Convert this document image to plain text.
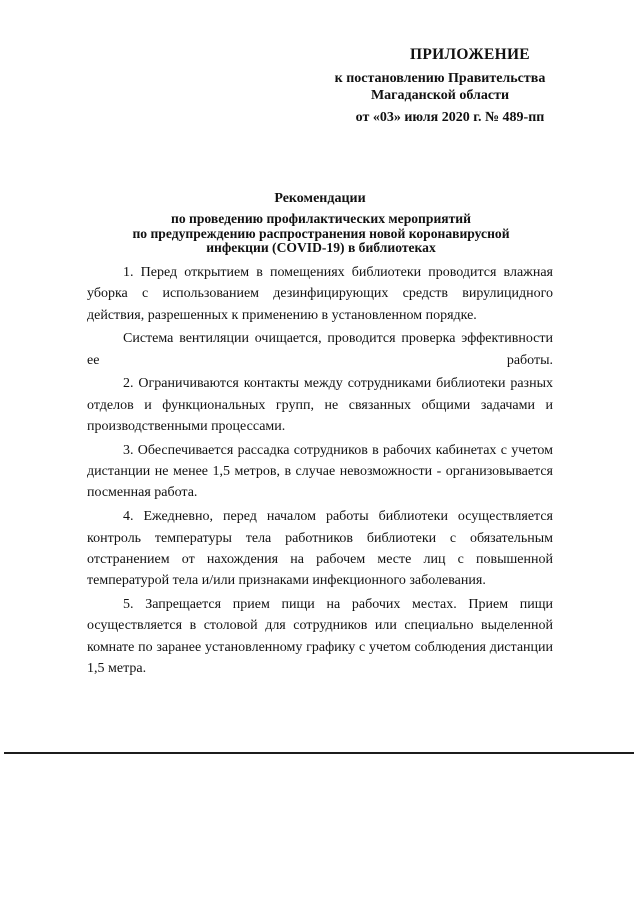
ПРИЛОЖЕНИЕ
к постановлению Правительства
Магаданской области
от «03» июля 2020 г. № 489-пп
Рекомендации
по проведению профилактических мероприятий
по предупреждению распространения новой коронавирусной
инфекции (COVID-19) в библиотеках

1. Перед открытием в помещениях библиотеки проводится влажная уборка с использованием дезинфицирующих средств вирулицидного действия, разрешенных к применению в установленном порядке.

Система вентиляции очищается, проводится проверка эффективности ее работы.

2. Ограничиваются контакты между сотрудниками библиотеки разных отделов и функциональных групп, не связанных общими задачами и производственными процессами.

3. Обеспечивается рассадка сотрудников в рабочих кабинетах с учетом дистанции не менее 1,5 метров, в случае невозможности - организовывается посменная работа.

4. Ежедневно, перед началом работы библиотеки осуществляется контроль температуры тела работников библиотеки с обязательным отстранением от нахождения на рабочем месте лиц с повышенной температурой тела и/или признаками инфекционного заболевания.

5. Запрещается прием пищи на рабочих местах. Прием пищи осуществляется в столовой для сотрудников или специально выделенной комнате по заранее установленному графику с учетом соблюдения дистанции 1,5 метра.
